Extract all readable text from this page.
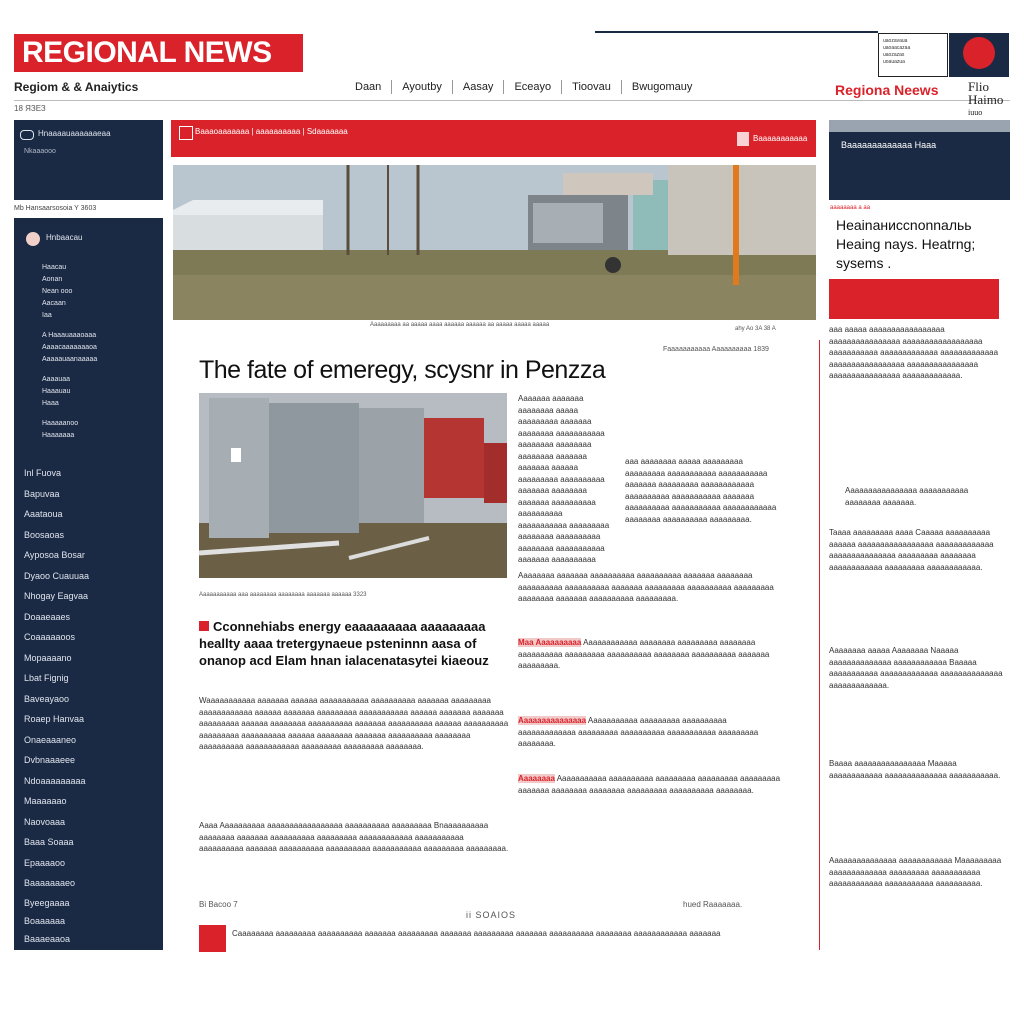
REGIONAL NEWS
Regiom & & Anaiytics	Daan	Ayoutby	Aasay	Eceayo	Tioovau	Bwugomauy
18 ЯЗЕЗ
uaozavaua
uaoaacazaa
uaozazas
uoauazua
Regiona Neews Flio
Haimo
iuuo
Hnaaaauaaaaaaeaa
Nkaaaooo
Mb Hansaarsosoia Y 3603
Hnbaacau
Haacau
Aonan
Nean ooo
Aacaan
Iaa
A Haaauaaaoaaa
Aaaacaaaaaaaoa
Aaaaauaanaaaaa
Aaaauaa
Haaauau
Haaa
Haaaaanoo
Haaaaaaa
Inl Fuova
Bapuvaa
Aaataoua
Boosaoas
Ayposoa Bosar
Dyaoo Cuauuaa
Nhogay Eagvaa
Doaaeaaes
Coaaaaaoos
Mopaaaano
Lbat Fignig
Baveayaoo
Roaep Hanvaa
Onaeaaaneo
Dvbnaaaeee
Ndoaaaaaaaaa
Maaaaaao
Naovoaaa
Baaa Soaaa
Epaaaaoo
Baaaaaaaeo
Byeegaaaa
Boaaaaaa
Baaaeaaoa
Baaaoaaaaaaa | aaaaaaaaaa | Sdaaaaaaa
Baaaaaaaaaaa
Aaaaaaaaa aa aaaaa aaaa aaaaaa aaaaaa aa aaaaa aaaaa aaaaa
ahy Ao 3A 38 A
Faaaaaaaaaaa Aaaaaaaaaa 1839
The fate of emeregy, scysnr in Penzza
Aaaaaaaaaaa aaa aaaaaaaa aaaaaaaa aaaaaaa aaaaaa 3323
Cconnehiabs energy eaaaaaaaaa aaaaaaaaa heallty aaaa tretergynaeue psteninnn aasa of onanop acd Elam hnan ialacenatasytei kiaeouz
Waaaaaaaaaaa aaaaaaa aaaaaa aaaaaaaaaaa aaaaaaaaaa aaaaaaa aaaaaaaaa aaaaaaaaaaaa aaaaaa aaaaaaa aaaaaaaaa aaaaaaaaaaa aaaaaa aaaaaaa aaaaaaa aaaaaaaaa aaaaaa aaaaaaaa aaaaaaaaaa aaaaaaa aaaaaaaaaa aaaaaa aaaaaaaaaa aaaaaaaaa aaaaaaaaaa aaaaaa aaaaaaaa aaaaaaa aaaaaaaaaa aaaaaaaa aaaaaaaaaa aaaaaaaaaaaa aaaaaaaaa aaaaaaaaa aaaaaaaa.
Aaaa Aaaaaaaaaa aaaaaaaaaaaaaaaaa aaaaaaaaaa aaaaaaaaa Bnaaaaaaaaaa aaaaaaaa aaaaaaa aaaaaaaaaa aaaaaaaaa aaaaaaaaaaaa aaaaaaaaaaa aaaaaaaaaa aaaaaaa aaaaaaaaaa aaaaaaaaaa aaaaaaaaaaa aaaaaaaaa aaaaaaaaa.
Aaaaaaa aaaaaaa aaaaaaaa aaaaa aaaaaaaaa aaaaaaa aaaaaaaa aaaaaaaaaaa aaaaaaaa aaaaaaaa aaaaaaaa aaaaaaa aaaaaaa aaaaaa aaaaaaaaa aaaaaaaaaa aaaaaaa aaaaaaaa aaaaaaa aaaaaaaaaa aaaaaaaaaa aaaaaaaaaaa aaaaaaaaa aaaaaaaa aaaaaaaaaa aaaaaaaa aaaaaaaaaaa aaaaaaa aaaaaaaaaa
aaa aaaaaaaa aaaaa aaaaaaaaa aaaaaaaaa aaaaaaaaaaa aaaaaaaaaaa aaaaaaa aaaaaaaaa aaaaaaaaaaaa aaaaaaaaaa aaaaaaaaaaa aaaaaaa aaaaaaaaaa aaaaaaaaaaa aaaaaaaaaaaa aaaaaaaa aaaaaaaaaa aaaaaaaaa.
Aaaaaaaa aaaaaaa aaaaaaaaaa aaaaaaaaaa aaaaaaa aaaaaaaa aaaaaaaaaa aaaaaaaaaa aaaaaaa aaaaaaaaa aaaaaaaaaa aaaaaaaaa aaaaaaaa aaaaaaa aaaaaaaaaa aaaaaaaaa.
Maa Aaaaaaaaaa Aaaaaaaaaaaa aaaaaaaa aaaaaaaaa aaaaaaaa aaaaaaaaaa aaaaaaaaa aaaaaaaaaa aaaaaaaa aaaaaaaaaa aaaaaaa aaaaaaaaa.
Aaaaaaaaaaaaaaa Aaaaaaaaaaa aaaaaaaaa aaaaaaaaaa aaaaaaaaaaaaa aaaaaaaaa aaaaaaaaaa aaaaaaaaaaa aaaaaaaaa aaaaaaaa.
Aaaaaaaa Aaaaaaaaaaa aaaaaaaaaa aaaaaaaaa aaaaaaaaa aaaaaaaaa aaaaaaa aaaaaaaa aaaaaaaa aaaaaaaaa aaaaaaaaaa aaaaaaaa.
Bi Bacoo 7
ii SOAIOS
hued Raaaaaaa.
Caaaaaaaa aaaaaaaaa aaaaaaaaaa aaaaaaa aaaaaaaaa aaaaaaa aaaaaaaaa aaaaaaa aaaaaaaaaa aaaaaaaa aaaaaaaaaaaa aaaaaaa
Baaaaaaaaaaaaa Haaa
aaaaaaaa a aa
Heainaнисcnonnaльь Heaing nays. Heatrng; sysems .
aaa aaaaa aaaaaaaaaaaaaaaaa aaaaaaaaaaaaaaaa aaaaaaaaaaaaaaaaaa aaaaaaaaaaa aaaaaaaaaaaaa aaaaaaaaaaaaa aaaaaaaaaaaaaaaaa aaaaaaaaaaaaaaaa aaaaaaaaaaaaaaaa aaaaaaaaaaaaa.
Aaaaaaaaaaaaaaaa aaaaaaaaaaa aaaaaaaa aaaaaaa.
Taaaa aaaaaaaaa aaaa Caaaaa aaaaaaaaaa aaaaaa aaaaaaaaaaaaaaaaa aaaaaaaaaaaaa aaaaaaaaaaaaaaa aaaaaaaaa aaaaaaaa aaaaaaaaaaaa aaaaaaaaa aaaaaaaaaaaa.
Aaaaaaaa aaaaa Aaaaaaaa Naaaaa aaaaaaaaaaaaaa aaaaaaaaaaaa Baaaaa aaaaaaaaaaa aaaaaaaaaaaaa aaaaaaaaaaaaaa aaaaaaaaaaaaa.
Baaaa aaaaaaaaaaaaaaaa Maaaaa aaaaaaaaaaaa aaaaaaaaaaaaaa aaaaaaaaaaa.
Aaaaaaaaaaaaaaa aaaaaaaaaaaa Maaaaaaaaa aaaaaaaaaaaaa aaaaaaaaa aaaaaaaaaaa aaaaaaaaaaaa aaaaaaaaaaa aaaaaaaaaa.
